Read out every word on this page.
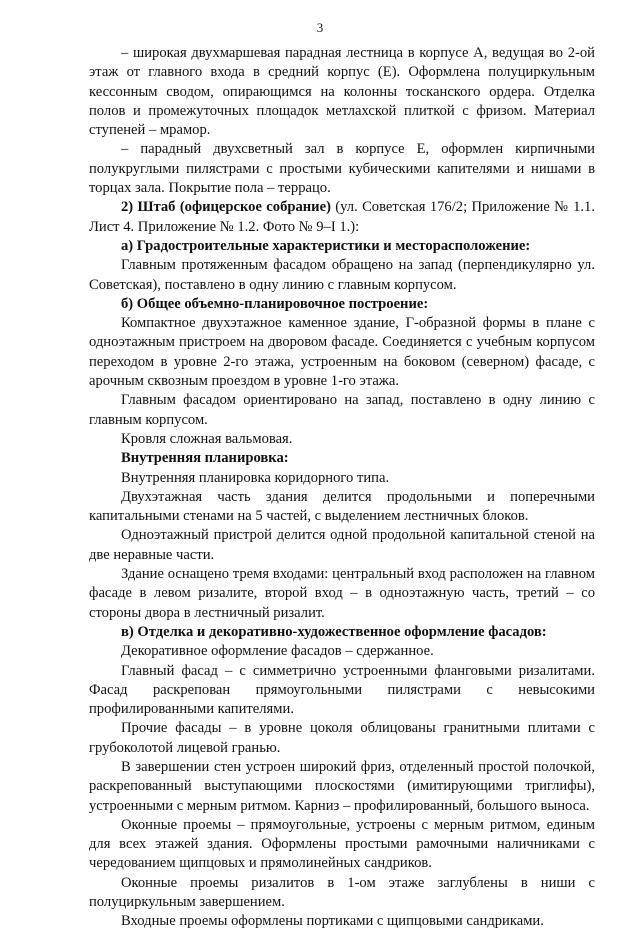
3

– широкая двухмаршевая парадная лестница в корпусе А, ведущая во 2-ой этаж от главного входа в средний корпус (Е). Оформлена полуциркульным кессонным сводом, опирающимся на колонны тосканского ордера. Отделка полов и промежуточных площадок метлахской плиткой с фризом. Материал ступеней – мрамор.

– парадный двухсветный зал в корпусе Е, оформлен кирпичными полукруглыми пилястрами с простыми кубическими капителями и нишами в торцах зала. Покрытие пола – террацо.

2) Штаб (офицерское собрание) (ул. Советская 176/2; Приложение № 1.1. Лист 4. Приложение № 1.2. Фото № 9–І 1.):

а) Градостроительные характеристики и месторасположение:

Главным протяженным фасадом обращено на запад (перпендикулярно ул. Советская), поставлено в одну линию с главным корпусом.

б) Общее объемно-планировочное построение:

Компактное двухэтажное каменное здание, Г-образной формы в плане с одноэтажным пристроем на дворовом фасаде. Соединяется с учебным корпусом переходом в уровне 2-го этажа, устроенным на боковом (северном) фасаде, с арочным сквозным проездом в уровне 1-го этажа.

Главным фасадом ориентировано на запад, поставлено в одну линию с главным корпусом.

Кровля сложная вальмовая.

Внутренняя планировка:

Внутренняя планировка коридорного типа.

Двухэтажная часть здания делится продольными и поперечными капитальными стенами на 5 частей, с выделением лестничных блоков.

Одноэтажный пристрой делится одной продольной капитальной стеной на две неравные части.

Здание оснащено тремя входами: центральный вход расположен на главном фасаде в левом ризалите, второй вход – в одноэтажную часть, третий – со стороны двора в лестничный ризалит.

в) Отделка и декоративно-художественное оформление фасадов:

Декоративное оформление фасадов – сдержанное.

Главный фасад – с симметрично устроенными фланговыми ризалитами. Фасад раскрепован прямоугольными пилястрами с невысокими профилированными капителями.

Прочие фасады – в уровне цоколя облицованы гранитными плитами с грубоколотой лицевой гранью.

В завершении стен устроен широкий фриз, отделенный простой полочкой, раскрепованный выступающими плоскостями (имитирующими триглифы), устроенными с мерным ритмом. Карниз – профилированный, большого выноса.

Оконные проемы – прямоугольные, устроены с мерным ритмом, единым для всех этажей здания. Оформлены простыми рамочными наличниками с чередованием щипцовых и прямолинейных сандриков.

Оконные проемы ризалитов в 1-ом этаже заглублены в ниши с полуциркульным завершением.

Входные проемы оформлены портиками с щипцовыми сандриками.
